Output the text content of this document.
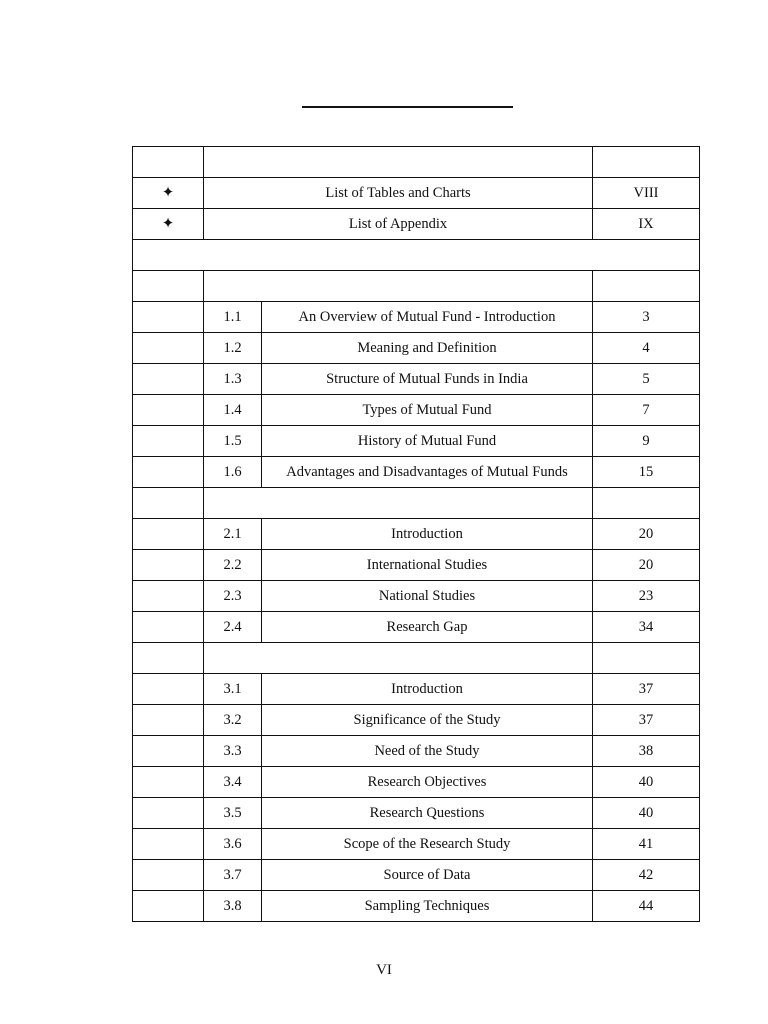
✦	List of Tables and Charts		VIII
✦	List of Appendix		IX

	1.1	An Overview of Mutual Fund - Introduction	3
	1.2	Meaning and Definition	4
	1.3	Structure of Mutual Funds in India	5
	1.4	Types of Mutual Fund	7
	1.5	History of Mutual Fund	9
	1.6	Advantages and Disadvantages of Mutual Funds	15

	2.1	Introduction	20
	2.2	International Studies	20
	2.3	National Studies	23
	2.4	Research Gap	34

	3.1	Introduction	37
	3.2	Significance of the Study	37
	3.3	Need of the Study	38
	3.4	Research Objectives	40
	3.5	Research Questions	40
	3.6	Scope of the Research Study	41
	3.7	Source of Data	42
	3.8	Sampling Techniques	44
VI
